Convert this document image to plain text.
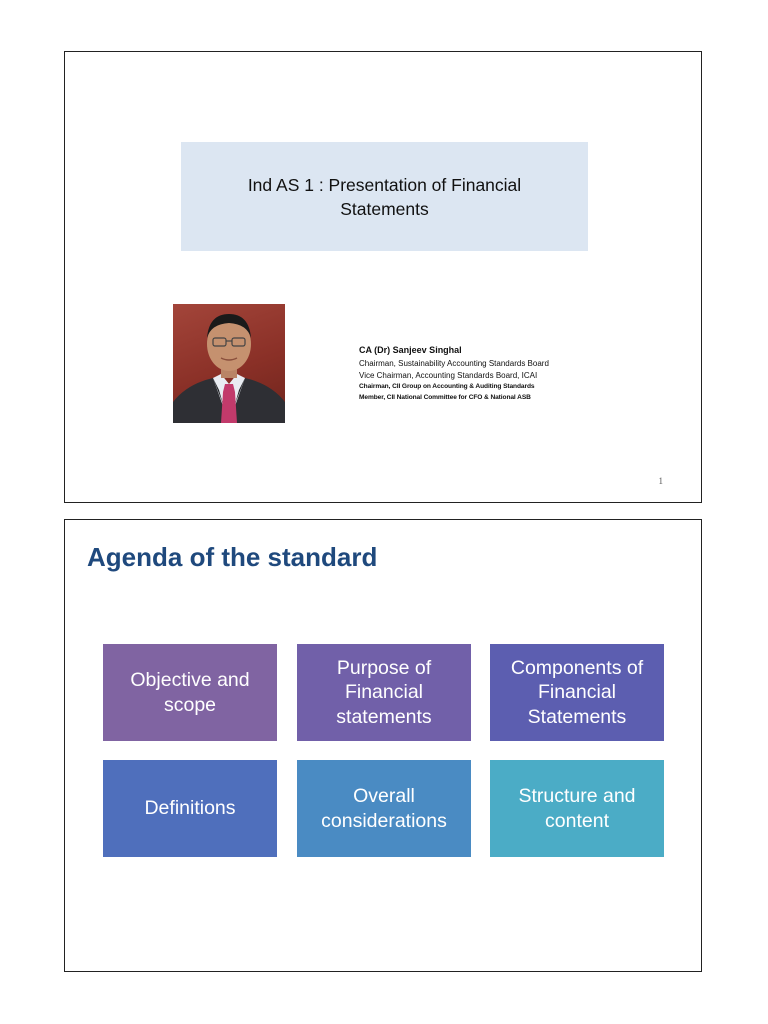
Ind AS 1 : Presentation of Financial Statements
CA (Dr) Sanjeev Singhal
Chairman, Sustainability Accounting Standards Board
Vice Chairman, Accounting Standards Board, ICAI
Chairman, CII Group on Accounting & Auditing Standards
Member, CII National Committee for CFO & National ASB
1
Agenda of the standard
Objective and scope
Purpose of Financial statements
Components of Financial Statements
Definitions
Overall considerations
Structure and content
